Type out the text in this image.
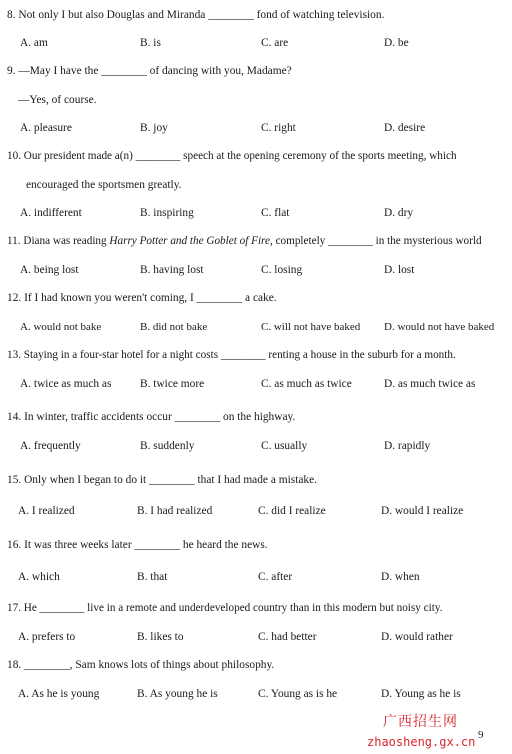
8. Not only I but also Douglas and Miranda ________ fond of watching television.
A. am	B. is	C. are	D. be
9. —May I have the ________ of dancing with you, Madame?
—Yes, of course.
A. pleasure	B. joy	C. right	D. desire
10. Our president made a(n) ________ speech at the opening ceremony of the sports meeting, which
encouraged the sportsmen greatly.
A. indifferent	B. inspiring	C. flat	D. dry
11. Diana was reading Harry Potter and the Goblet of Fire, completely ________ in the mysterious world
A. being lost	B. having lost	C. losing	D. lost
12. If I had known you weren't coming, I ________ a cake.
A. would not bake	B. did not bake	C. will not have baked D. would not have baked
13. Staying in a four-star hotel for a night costs ________ renting a house in the suburb for a month.
A. twice as much as	B. twice more	C. as much as twice	D. as much twice as
14. In winter, traffic accidents occur ________ on the highway.
A. frequently	B. suddenly	C. usually	D. rapidly
15. Only when I began to do it ________ that I had made a mistake.
A. I realized	B. I had realized	C. did I realize	D. would I realize
16. It was three weeks later ________ he heard the news.
A. which	B. that	C. after	D. when
17. He ________ live in a remote and underdeveloped country than in this modern but noisy city.
A. prefers to	B. likes to	C. had better	D. would rather
18. ________, Sam knows lots of things about philosophy.
A. As he is young	B. As young he is	C. Young as is he	D. Young as he is
广西招生网
9
zhaosheng.gx.cn
